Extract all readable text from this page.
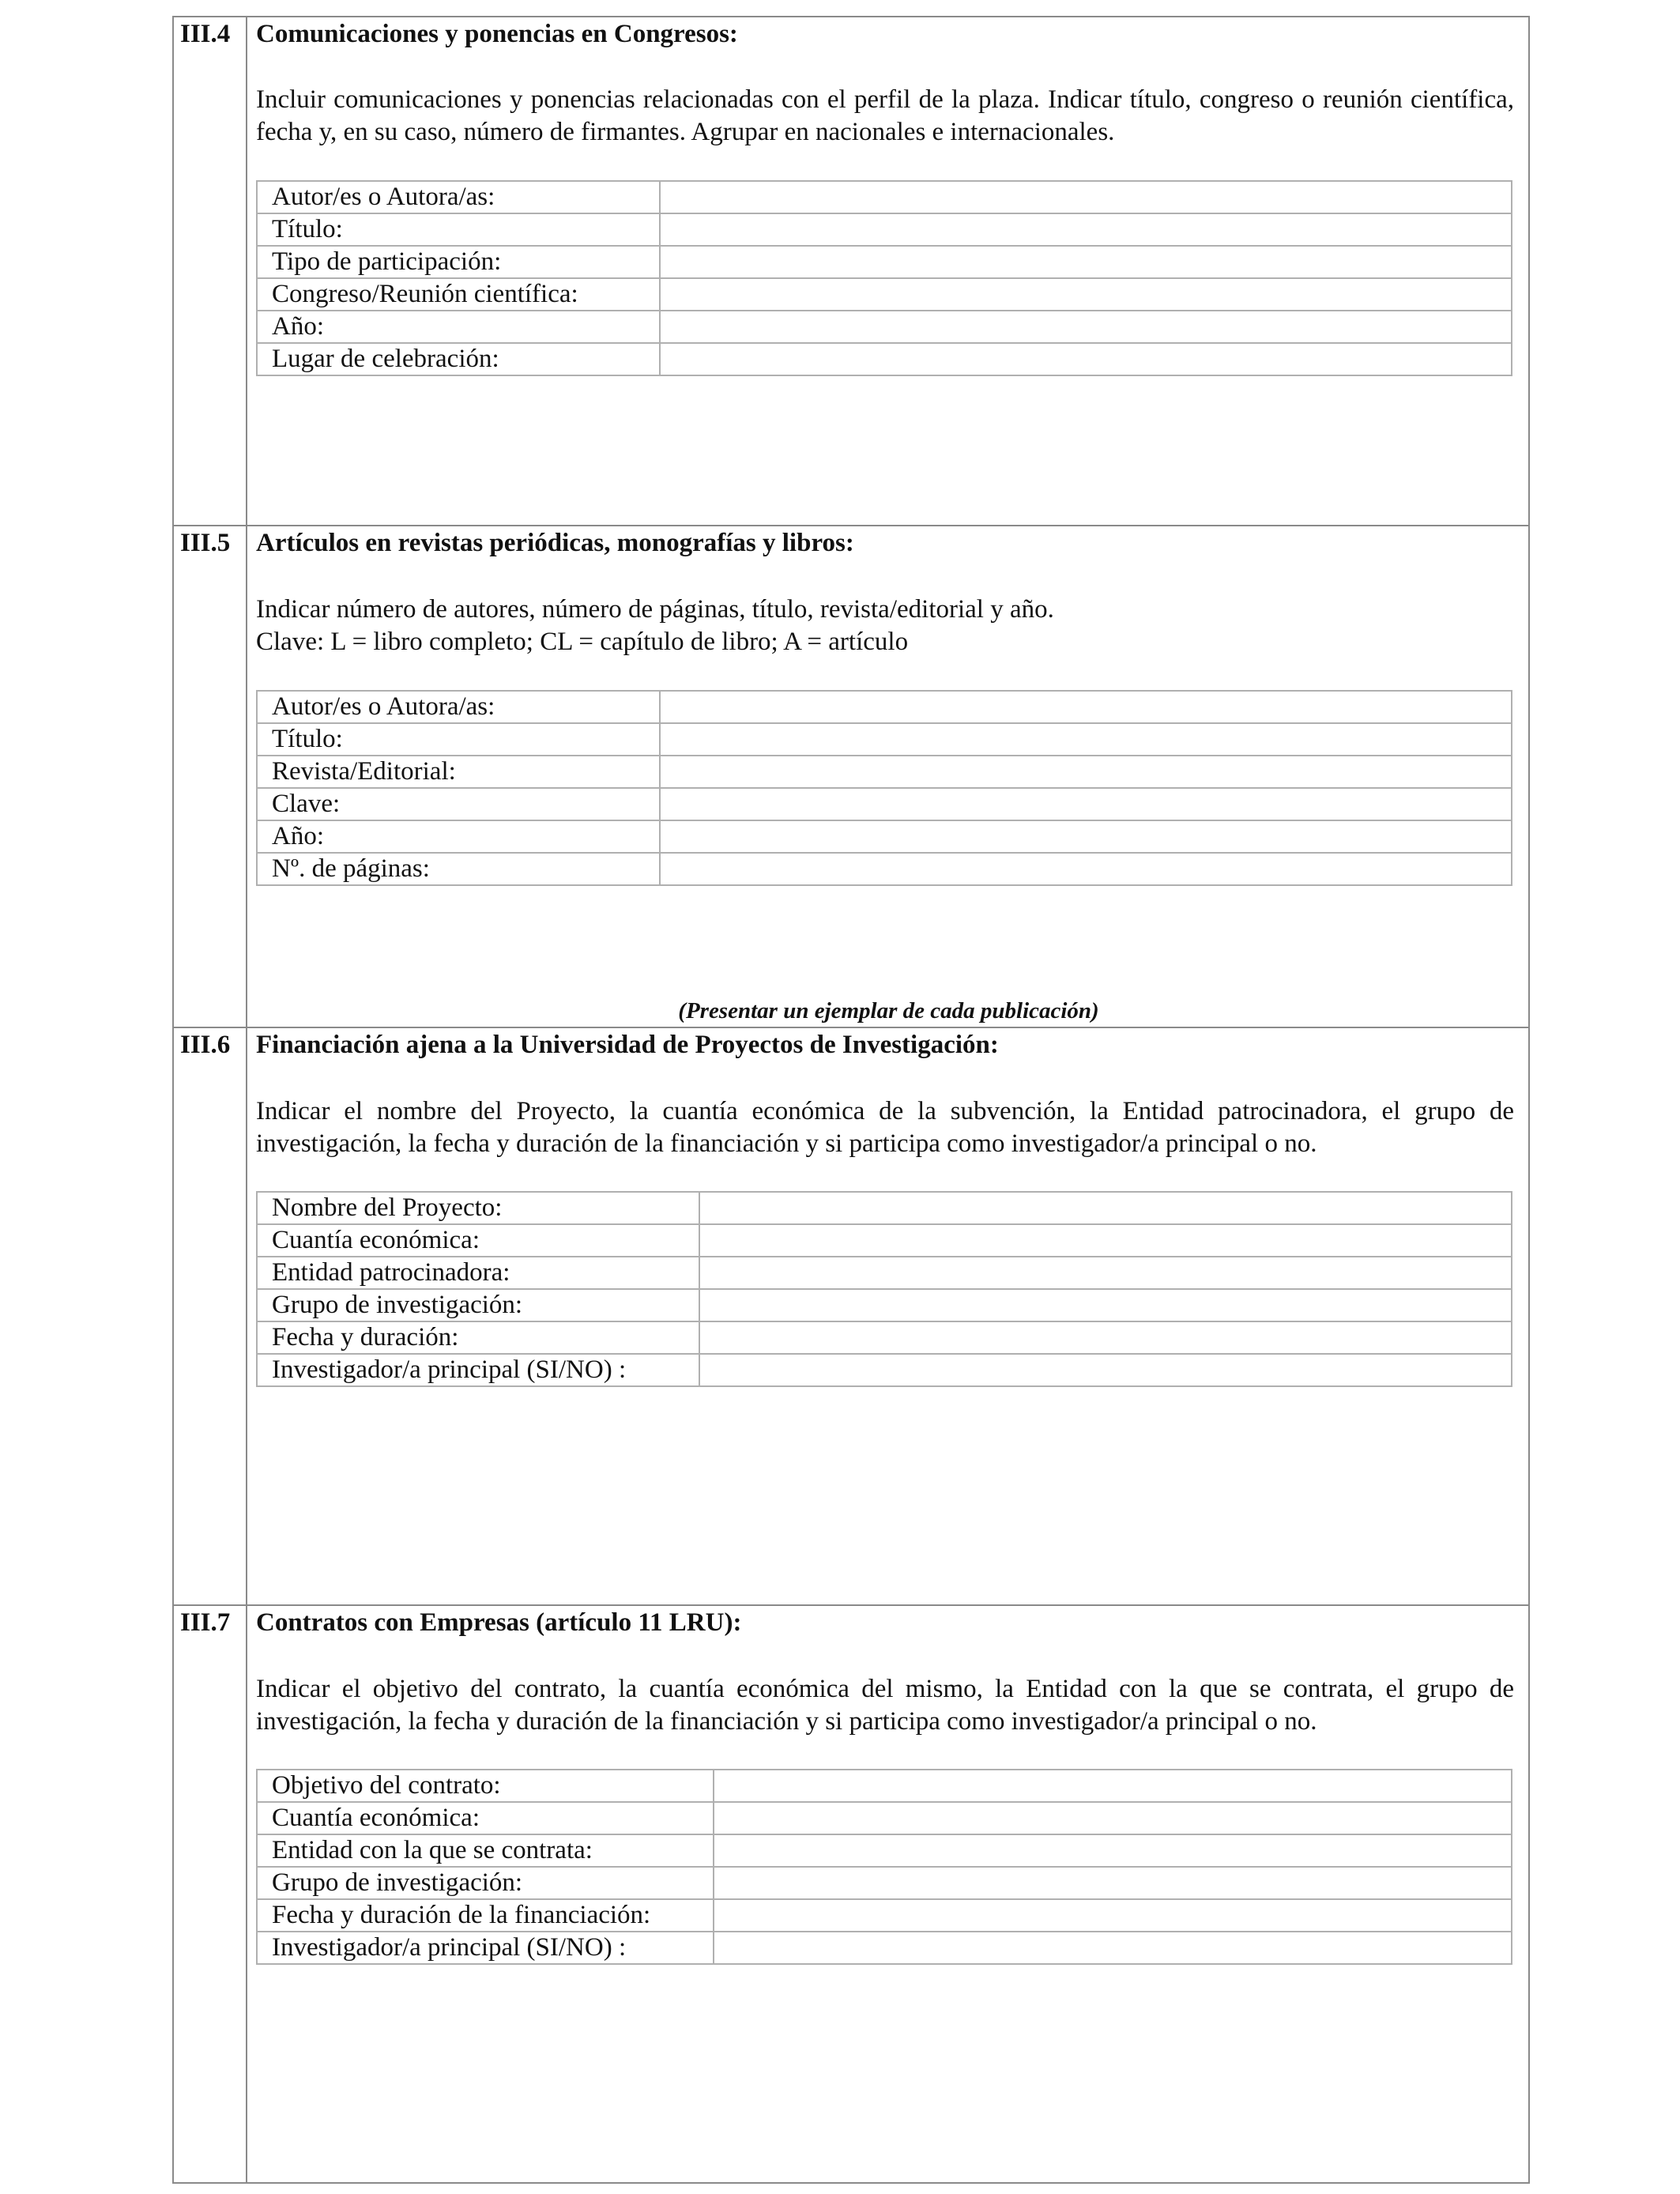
III.4 Comunicaciones y ponencias en Congresos:

Incluir comunicaciones y ponencias relacionadas con el perfil de la plaza. Indicar título, congreso o reunión científica, fecha y, en su caso, número de firmantes. Agrupar en nacionales e internacionales.

Autor/es o Autora/as:	
Título:	
Tipo de participación:	
Congreso/Reunión científica:	
Año:	
Lugar de celebración:	
III.5 Artículos en revistas periódicas, monografías y libros:

Indicar número de autores, número de páginas, título, revista/editorial y año.

Clave: L = libro completo; CL = capítulo de libro; A = artículo

Autor/es o Autora/as:	
Título:	
Revista/Editorial:	
Clave:	
Año:	
Nº. de páginas:	
(Presentar un ejemplar de cada publicación)
III.6 Financiación ajena a la Universidad de Proyectos de Investigación:

Indicar el nombre del Proyecto, la cuantía económica de la subvención, la Entidad patrocinadora, el grupo de investigación, la fecha y duración de la financiación y si participa como investigador/a principal o no.

Nombre del Proyecto:	
Cuantía económica:	
Entidad patrocinadora:	
Grupo de investigación:	
Fecha y duración:	
Investigador/a principal (SI/NO) :	
III.7 Contratos con Empresas (artículo 11 LRU):

Indicar el objetivo del contrato, la cuantía económica del mismo, la Entidad con la que se contrata, el grupo de investigación, la fecha y duración de la financiación y si participa como investigador/a principal o no.

Objetivo del contrato:	
Cuantía económica:	
Entidad con la que se contrata:	
Grupo de investigación:	
Fecha y duración de la financiación:	
Investigador/a principal (SI/NO) :	
